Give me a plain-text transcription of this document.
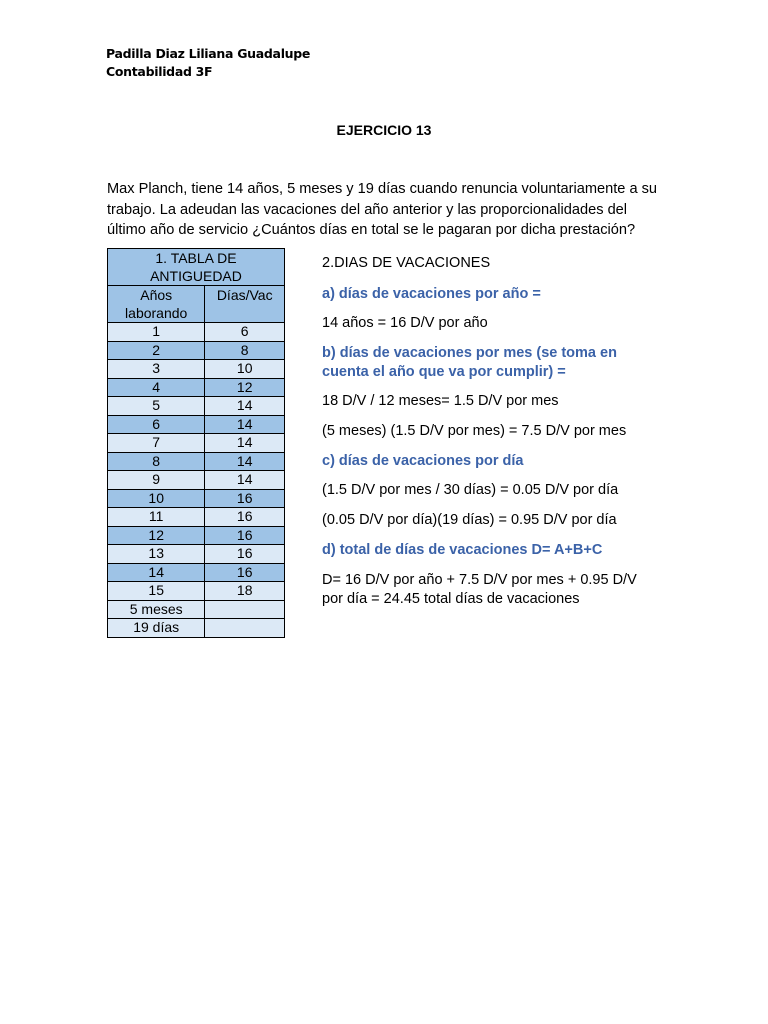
Padilla Diaz Liliana Guadalupe
Contabilidad 3F
EJERCICIO 13
Max Planch, tiene 14 años, 5 meses y 19 días cuando renuncia voluntariamente a su trabajo. La adeudan las vacaciones del año anterior y las proporcionalidades del último año de servicio ¿Cuántos días en total se le pagaran por dicha prestación?
1. TABLA DE ANTIGUEDAD	
Años laborando	Días/Vac
1	6
2	8
3	10
4	12
5	14
6	14
7	14
8	14
9	14
10	16
11	16
12	16
13	16
14	16
15	18
5 meses	
19 días	
2.DIAS DE VACACIONES
a) días de vacaciones por año =
14 años = 16 D/V por año
b) días de vacaciones por mes (se toma en cuenta el año que va por cumplir) =
18 D/V / 12 meses= 1.5 D/V por mes
(5 meses) (1.5 D/V por mes) = 7.5 D/V por mes
c) días de vacaciones por día
(1.5 D/V por mes / 30 días) = 0.05 D/V por día
(0.05 D/V por día)(19 días) = 0.95 D/V por día
d) total de días de vacaciones D= A+B+C
D= 16 D/V por año + 7.5 D/V por mes + 0.95 D/V por día = 24.45 total días de vacaciones
